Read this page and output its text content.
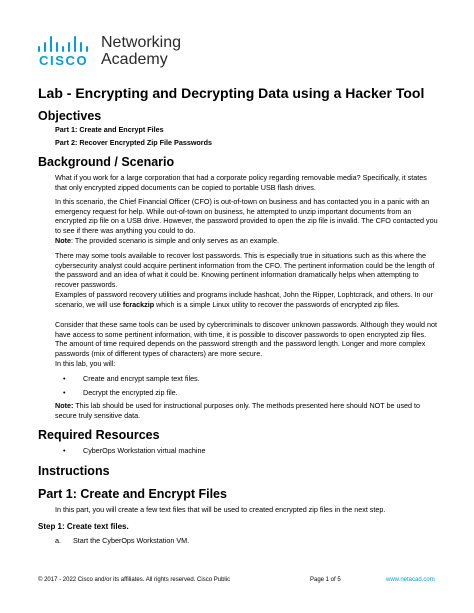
CISCO
Networking
Academy
Lab - Encrypting and Decrypting Data using a Hacker Tool
Objectives
Part 1: Create and Encrypt Files
Part 2: Recover Encrypted Zip File Passwords
Background / Scenario

What if you work for a large corporation that had a corporate policy regarding removable media? Specifically, it states that only encrypted zipped documents can be copied to portable USB flash drives.

In this scenario, the Chief Financial Officer (CFO) is out-of-town on business and has contacted you in a panic with an emergency request for help. While out-of-town on business, he attempted to unzip important documents from an encrypted zip file on a USB drive. However, the password provided to open the zip file is invalid. The CFO contacted you to see if there was anything you could to do.

Note: The provided scenario is simple and only serves as an example.

There may some tools available to recover lost passwords. This is especially true in situations such as this where the cybersecurity analyst could acquire pertinent information from the CFO. The pertinent information could be the length of the password and an idea of what it could be. Knowing pertinent information dramatically helps when attempting to recover passwords.

Examples of password recovery utilities and programs include hashcat, John the Ripper, Lophtcrack, and others. In our scenario, we will use fcrackzip which is a simple Linux utility to recover the passwords of encrypted zip files.

Consider that these same tools can be used by cybercriminals to discover unknown passwords. Although they would not have access to some pertinent information, with time, it is possible to discover passwords to open encrypted zip files. The amount of time required depends on the password strength and the password length. Longer and more complex passwords (mix of different types of characters) are more secure.

In this lab, you will:

• Create and encrypt sample text files.
• Decrypt the encrypted zip file.

Note: This lab should be used for instructional purposes only. The methods presented here should NOT be used to secure truly sensitive data.

Required Resources
• CyberOps Workstation virtual machine
Instructions
Part 1: Create and Encrypt Files
In this part, you will create a few text files that will be used to created encrypted zip files in the next step.
Step 1: Create text files.
a. Start the CyberOps Workstation VM.
© 2017 - 2022 Cisco and/or its affiliates. All rights reserved. Cisco Public	Page 1 of 5	www.netacad.com
